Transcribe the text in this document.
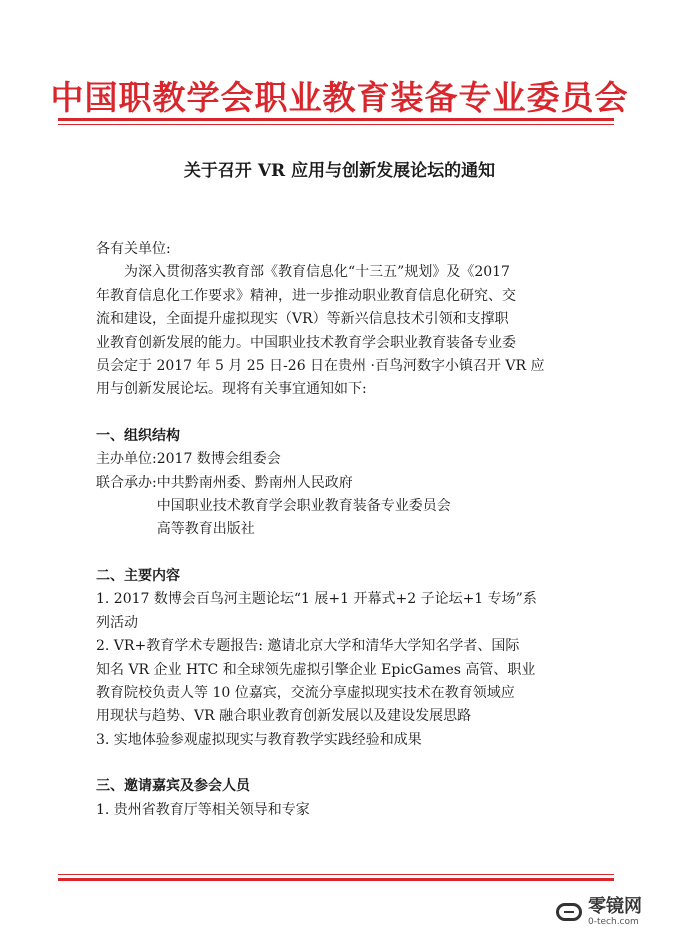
中国职教学会职业教育装备专业委员会
关于召开 VR 应用与创新发展论坛的通知

各有关单位:

为深入贯彻落实教育部《教育信息化“十三五”规划》及《2017

年教育信息化工作要求》精神，进一步推动职业教育信息化研究、交

流和建设，全面提升虚拟现实（VR）等新兴信息技术引领和支撑职

业教育创新发展的能力。中国职业技术教育学会职业教育装备专业委

员会定于 2017 年 5 月 25 日-26 日在贵州 ·百鸟河数字小镇召开 VR 应

用与创新发展论坛。现将有关事宜通知如下:

一、组织结构

主办单位: 2017 数博会组委会
联合承办: 中共黔南州委、黔南州人民政府
中国职业技术教育学会职业教育装备专业委员会
高等教育出版社

二、主要内容

1. 2017 数博会百鸟河主题论坛“1 展+1 开幕式+2 子论坛+1 专场”系

列活动

2. VR+教育学术专题报告: 邀请北京大学和清华大学知名学者、国际

知名 VR 企业 HTC 和全球领先虚拟引擎企业 EpicGames 高管、职业

教育院校负责人等 10 位嘉宾，交流分享虚拟现实技术在教育领域应

用现状与趋势、VR 融合职业教育创新发展以及建设发展思路

3. 实地体验参观虚拟现实与教育教学实践经验和成果

三、邀请嘉宾及参会人员

1. 贵州省教育厅等相关领导和专家

零镜网
0-tech.com
